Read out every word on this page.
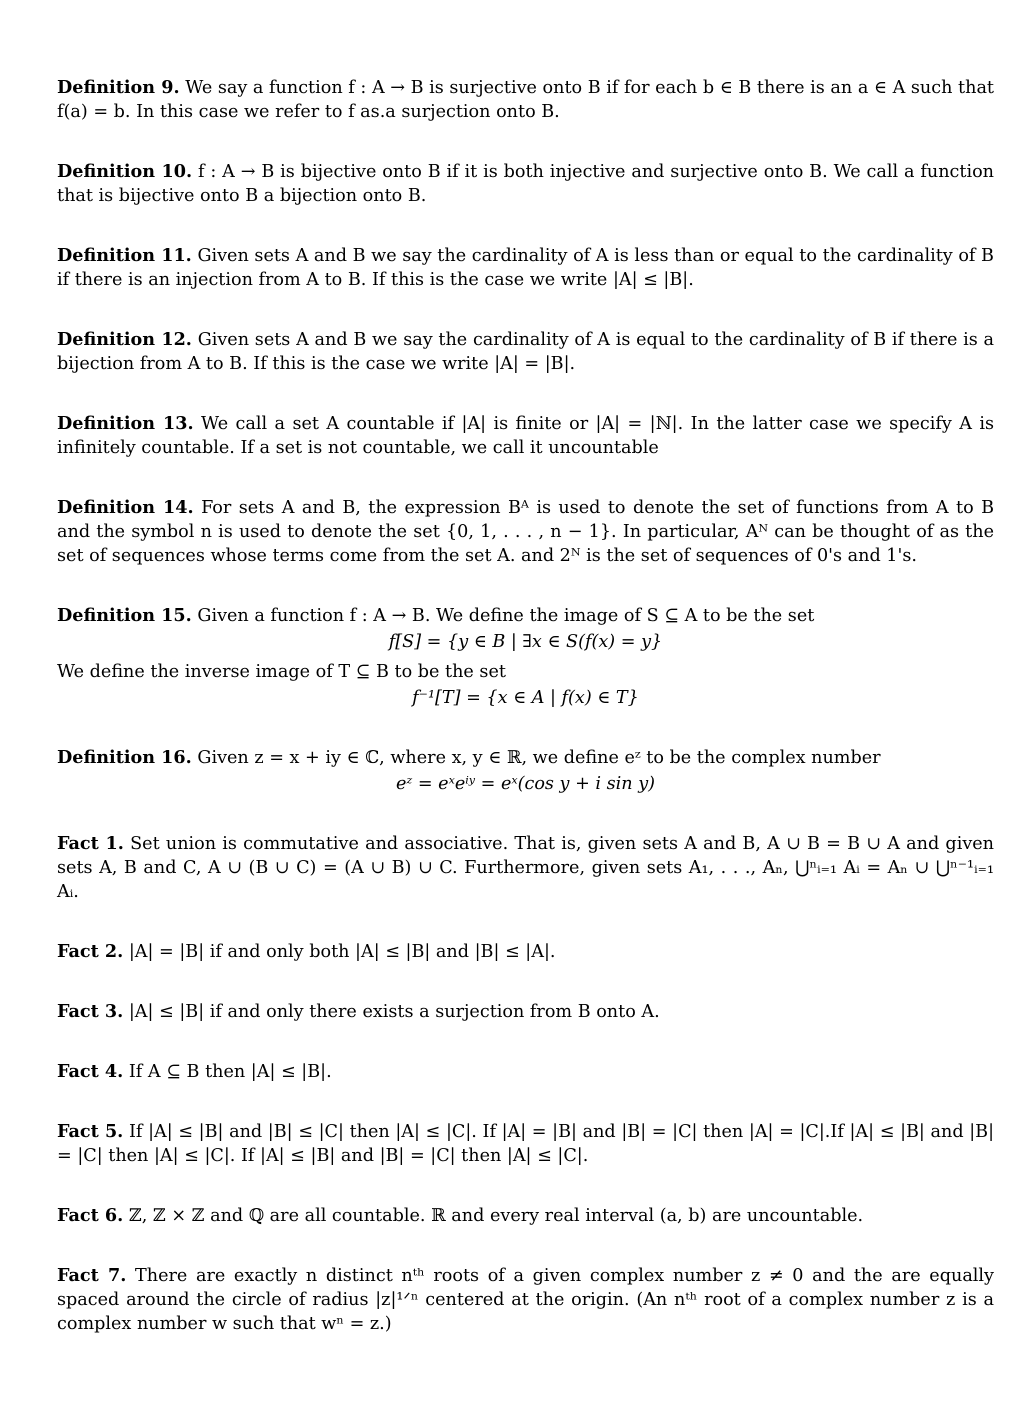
Definition 9. We say a function f : A → B is surjective onto B if for each b ∈ B there is an a ∈ A such that f(a) = b. In this case we refer to f as.a surjection onto B.
Definition 10. f : A → B is bijective onto B if it is both injective and surjective onto B. We call a function that is bijective onto B a bijection onto B.
Definition 11. Given sets A and B we say the cardinality of A is less than or equal to the cardinality of B if there is an injection from A to B. If this is the case we write |A| ≤ |B|.
Definition 12. Given sets A and B we say the cardinality of A is equal to the cardinality of B if there is a bijection from A to B. If this is the case we write |A| = |B|.
Definition 13. We call a set A countable if |A| is finite or |A| = |ℕ|. In the latter case we specify A is infinitely countable. If a set is not countable, we call it uncountable
Definition 14. For sets A and B, the expression Bᴬ is used to denote the set of functions from A to B and the symbol n is used to denote the set {0, 1, . . . , n − 1}. In particular, Aᴺ can be thought of as the set of sequences whose terms come from the set A. and 2ᴺ is the set of sequences of 0's and 1's.

Definition 15. Given a function f : A → B. We define the image of S ⊆ A to be the set

f[S] = {y ∈ B | ∃x ∈ S(f(x) = y}

We define the inverse image of T ⊆ B to be the set

f⁻¹[T] = {x ∈ A | f(x) ∈ T}

Definition 16. Given z = x + iy ∈ ℂ, where x, y ∈ ℝ, we define eᶻ to be the complex number

eᶻ = eˣeⁱʸ = eˣ(cos y + i sin y)
Fact 1. Set union is commutative and associative. That is, given sets A and B, A ∪ B = B ∪ A and given sets A, B and C, A ∪ (B ∪ C) = (A ∪ B) ∪ C. Furthermore, given sets A₁, . . ., Aₙ, ⋃ⁿᵢ₌₁ Aᵢ = Aₙ ∪ ⋃ⁿ⁻¹ᵢ₌₁ Aᵢ.
Fact 2. |A| = |B| if and only both |A| ≤ |B| and |B| ≤ |A|.
Fact 3. |A| ≤ |B| if and only there exists a surjection from B onto A.
Fact 4. If A ⊆ B then |A| ≤ |B|.
Fact 5. If |A| ≤ |B| and |B| ≤ |C| then |A| ≤ |C|. If |A| = |B| and |B| = |C| then |A| = |C|.If |A| ≤ |B| and |B| = |C| then |A| ≤ |C|. If |A| ≤ |B| and |B| = |C| then |A| ≤ |C|.
Fact 6. ℤ, ℤ × ℤ and ℚ are all countable. ℝ and every real interval (a, b) are uncountable.
Fact 7. There are exactly n distinct nᵗʰ roots of a given complex number z ≠ 0 and the are equally spaced around the circle of radius |z|¹ᐟⁿ centered at the origin. (An nᵗʰ root of a complex number z is a complex number w such that wⁿ = z.)
